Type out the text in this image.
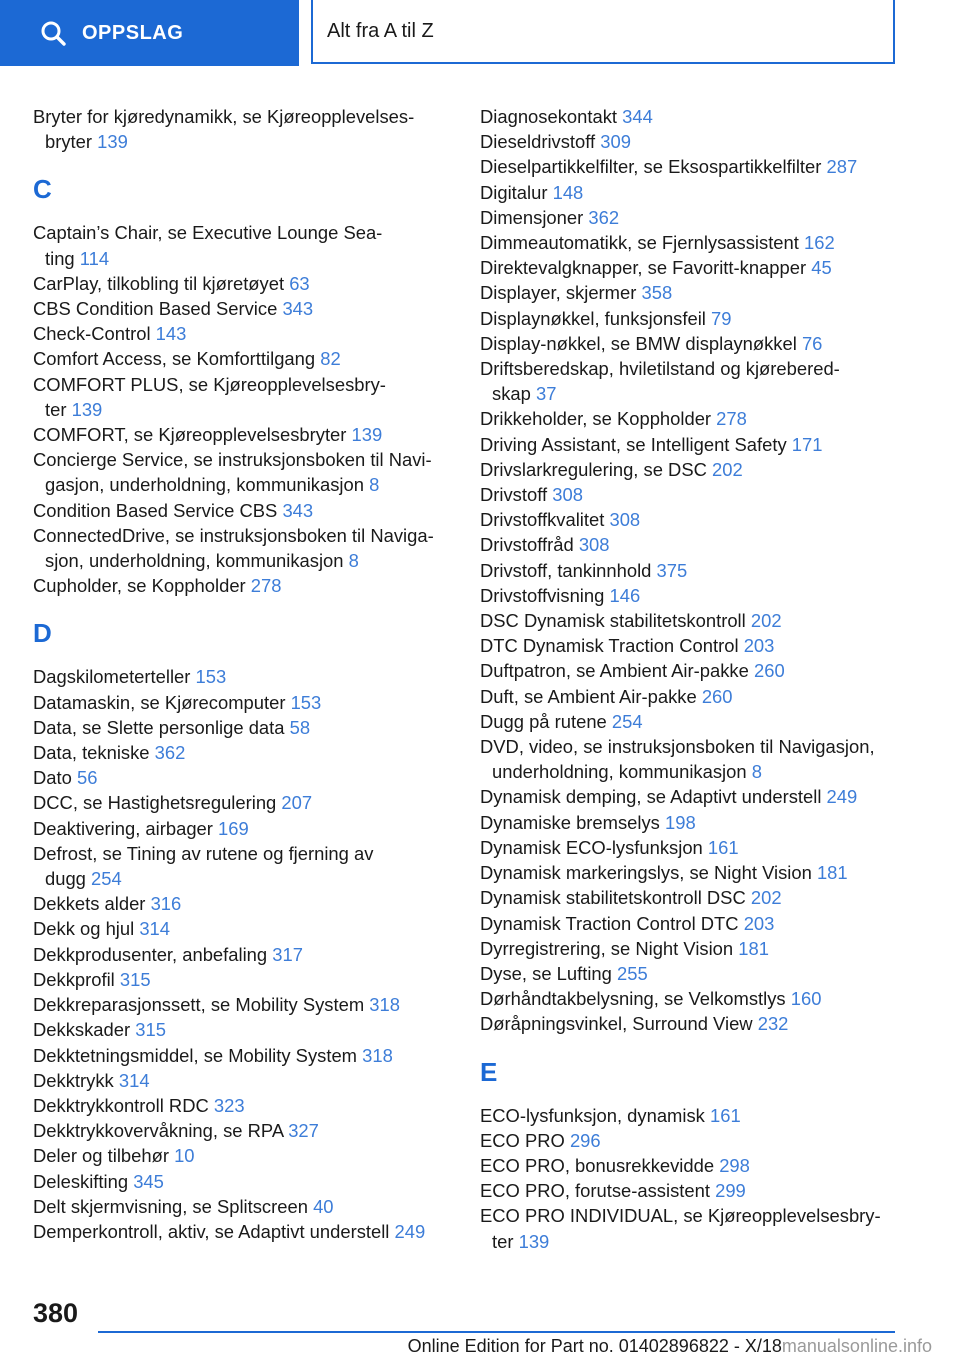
OPPSLAG	Alt fra A til Z
Bryter for kjøredynamikk, se Kjøreopplevelses-
bryter 139
C
Captain’s Chair, se Executive Lounge Sea-
ting 114
CarPlay, tilkobling til kjøretøyet 63
CBS Condition Based Service 343
Check-Control 143
Comfort Access, se Komforttilgang 82
COMFORT PLUS, se Kjøreopplevelsesbry-
ter 139
COMFORT, se Kjøreopplevelsesbryter 139
Concierge Service, se instruksjonsboken til Navi-
gasjon, underholdning, kommunikasjon 8
Condition Based Service CBS 343
ConnectedDrive, se instruksjonsboken til Naviga-
sjon, underholdning, kommunikasjon 8
Cupholder, se Koppholder 278
D
Dagskilometerteller 153
Datamaskin, se Kjørecomputer 153
Data, se Slette personlige data 58
Data, tekniske 362
Dato 56
DCC, se Hastighetsregulering 207
Deaktivering, airbager 169
Defrost, se Tining av rutene og fjerning av
dugg 254
Dekkets alder 316
Dekk og hjul 314
Dekkprodusenter, anbefaling 317
Dekkprofil 315
Dekkreparasjonssett, se Mobility System 318
Dekkskader 315
Dekktetningsmiddel, se Mobility System 318
Dekktrykk 314
Dekktrykkontroll RDC 323
Dekktrykkovervåkning, se RPA 327
Deler og tilbehør 10
Deleskifting 345
Delt skjermvisning, se Splitscreen 40
Demperkontroll, aktiv, se Adaptivt understell 249
Diagnosekontakt 344
Dieseldrivstoff 309
Dieselpartikkelfilter, se Eksospartikkelfilter 287
Digitalur 148
Dimensjoner 362
Dimmeautomatikk, se Fjernlysassistent 162
Direktevalgknapper, se Favoritt-knapper 45
Displayer, skjermer 358
Displaynøkkel, funksjonsfeil 79
Display-nøkkel, se BMW displaynøkkel 76
Driftsberedskap, hviletilstand og kjørebered-
skap 37
Drikkeholder, se Koppholder 278
Driving Assistant, se Intelligent Safety 171
Drivslarkregulering, se DSC 202
Drivstoff 308
Drivstoffkvalitet 308
Drivstoffråd 308
Drivstoff, tankinnhold 375
Drivstoffvisning 146
DSC Dynamisk stabilitetskontroll 202
DTC Dynamisk Traction Control 203
Duftpatron, se Ambient Air-pakke 260
Duft, se Ambient Air-pakke 260
Dugg på rutene 254
DVD, video, se instruksjonsboken til Navigasjon,
underholdning, kommunikasjon 8
Dynamisk demping, se Adaptivt understell 249
Dynamiske bremselys 198
Dynamisk ECO-lysfunksjon 161
Dynamisk markeringslys, se Night Vision 181
Dynamisk stabilitetskontroll DSC 202
Dynamisk Traction Control DTC 203
Dyrregistrering, se Night Vision 181
Dyse, se Lufting 255
Dørhåndtakbelysning, se Velkomstlys 160
Døråpningsvinkel, Surround View 232
E
ECO-lysfunksjon, dynamisk 161
ECO PRO 296
ECO PRO, bonusrekkevidde 298
ECO PRO, forutse-assistent 299
ECO PRO INDIVIDUAL, se Kjøreopplevelsesbry-
ter 139
380
Online Edition for Part no. 01402896822 - X/18manualsonline.info
